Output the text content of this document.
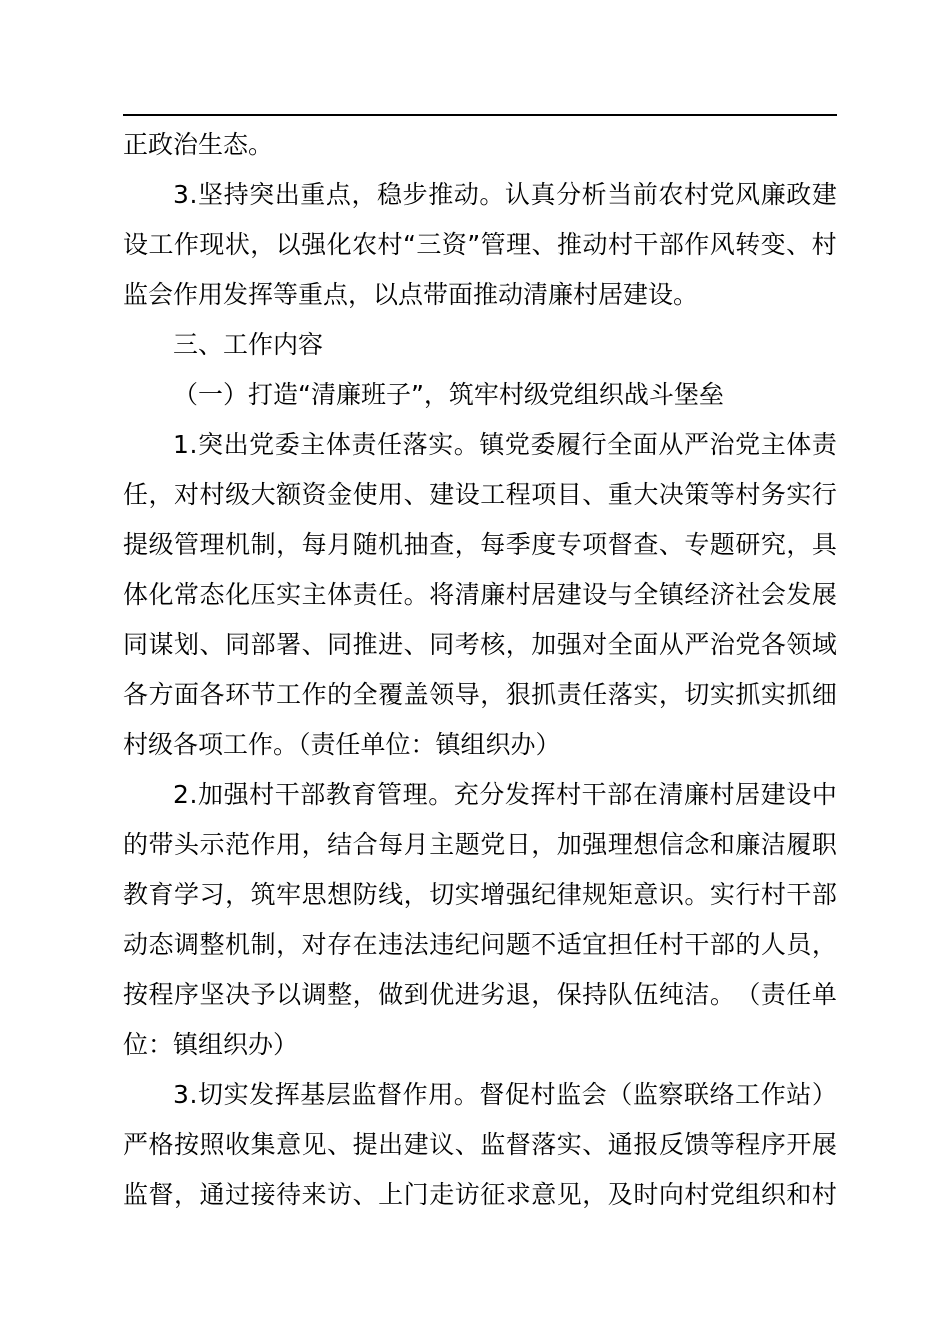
正政治生态。
3 . 坚 持 突 出 重 点 ， 稳 步 推 动 。 认 真 分 析 当 前 农 村 党 风 廉 政 建
设 工 作 现 状 ， 以 强 化 农 村 “ 三 资 ” 管 理 、 推 动 村 干 部 作 风 转 变 、 村
监会作用发挥等重点，以点带面推动清廉村居建设。
三、工作内容
（一）打造“清廉班子”，筑牢村级党组织战斗堡垒
1 . 突 出 党 委 主 体 责 任 落 实 。 镇 党 委 履 行 全 面 从 严 治 党 主 体 责
任 ， 对 村 级 大 额 资 金 使 用 、 建 设 工 程 项 目 、 重 大 决 策 等 村 务 实 行
提 级 管 理 机 制 ， 每 月 随 机 抽 查 ， 每 季 度 专 项 督 查 、 专 题 研 究 ， 具
体 化 常 态 化 压 实 主 体 责 任 。 将 清 廉 村 居 建 设 与 全 镇 经 济 社 会 发 展
同 谋 划 、 同 部 署 、 同 推 进 、 同 考 核 ， 加 强 对 全 面 从 严 治 党 各 领 域
各 方 面 各 环 节 工 作 的 全 覆 盖 领 导 ， 狠 抓 责 任 落 实 ， 切 实 抓 实 抓 细
村级各项工作。（责任单位：镇组织办）
2 . 加 强 村 干 部 教 育 管 理 。 充 分 发 挥 村 干 部 在 清 廉 村 居 建 设 中
的 带 头 示 范 作 用 ， 结 合 每 月 主 题 党 日 ， 加 强 理 想 信 念 和 廉 洁 履 职
教 育 学 习 ， 筑 牢 思 想 防 线 ， 切 实 增 强 纪 律 规 矩 意 识 。 实 行 村 干 部
动 态 调 整 机 制 ， 对 存 在 违 法 违 纪 问 题 不 适 宜 担 任 村 干 部 的 人 员 ，
按 程 序 坚 决 予 以 调 整 ， 做 到 优 进 劣 退 ， 保 持 队 伍 纯 洁 。 （ 责 任 单
位：镇组织办）
3 . 切 实 发 挥 基 层 监 督 作 用 。 督 促 村 监 会 （ 监 察 联 络 工 作 站 ）
严 格 按 照 收 集 意 见 、 提 出 建 议 、 监 督 落 实 、 通 报 反 馈 等 程 序 开 展
监 督 ， 通 过 接 待 来 访 、 上 门 走 访 征 求 意 见 ， 及 时 向 村 党 组 织 和 村
